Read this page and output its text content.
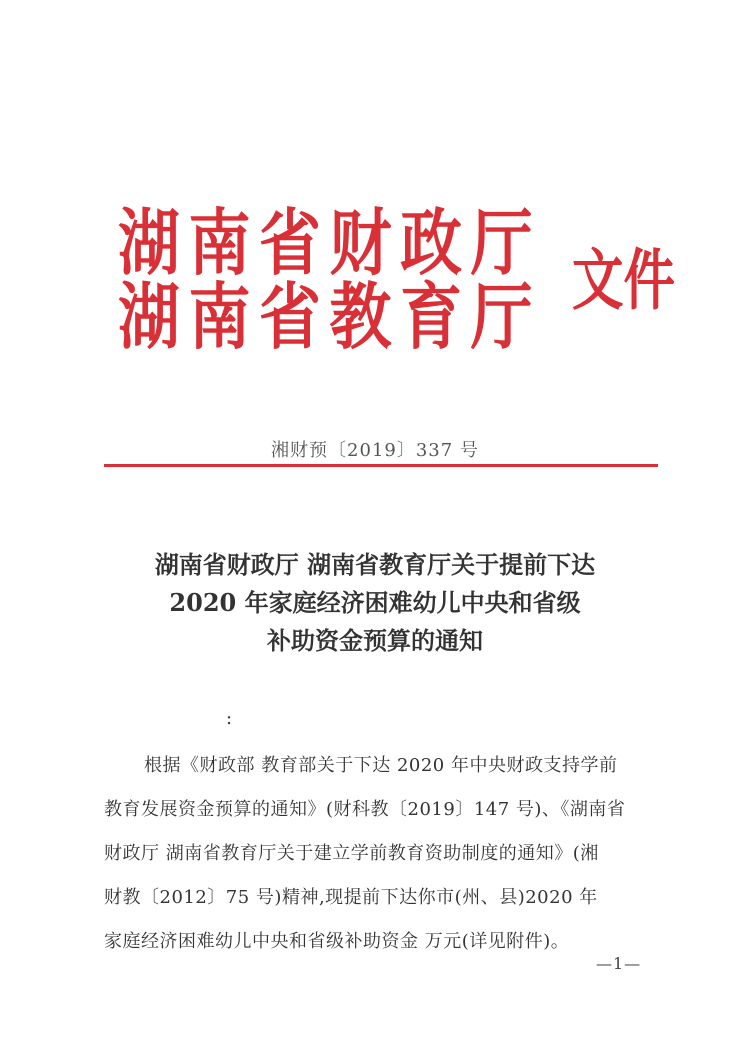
湖南省财政厅
湖南省教育厅 文件
湘财预〔2019〕337 号
湖南省财政厅 湖南省教育厅关于提前下达
2020 年家庭经济困难幼儿中央和省级
补助资金预算的通知
:

根据《财政部 教育部关于下达 2020 年中央财政支持学前

教育发展资金预算的通知》(财科教〔2019〕147 号)、《湖南省

财政厅 湖南省教育厅关于建立学前教育资助制度的通知》(湘

财教〔2012〕75 号)精神,现提前下达你市(州、县)2020 年

家庭经济困难幼儿中央和省级补助资金 万元(详见附件)。

—1—
